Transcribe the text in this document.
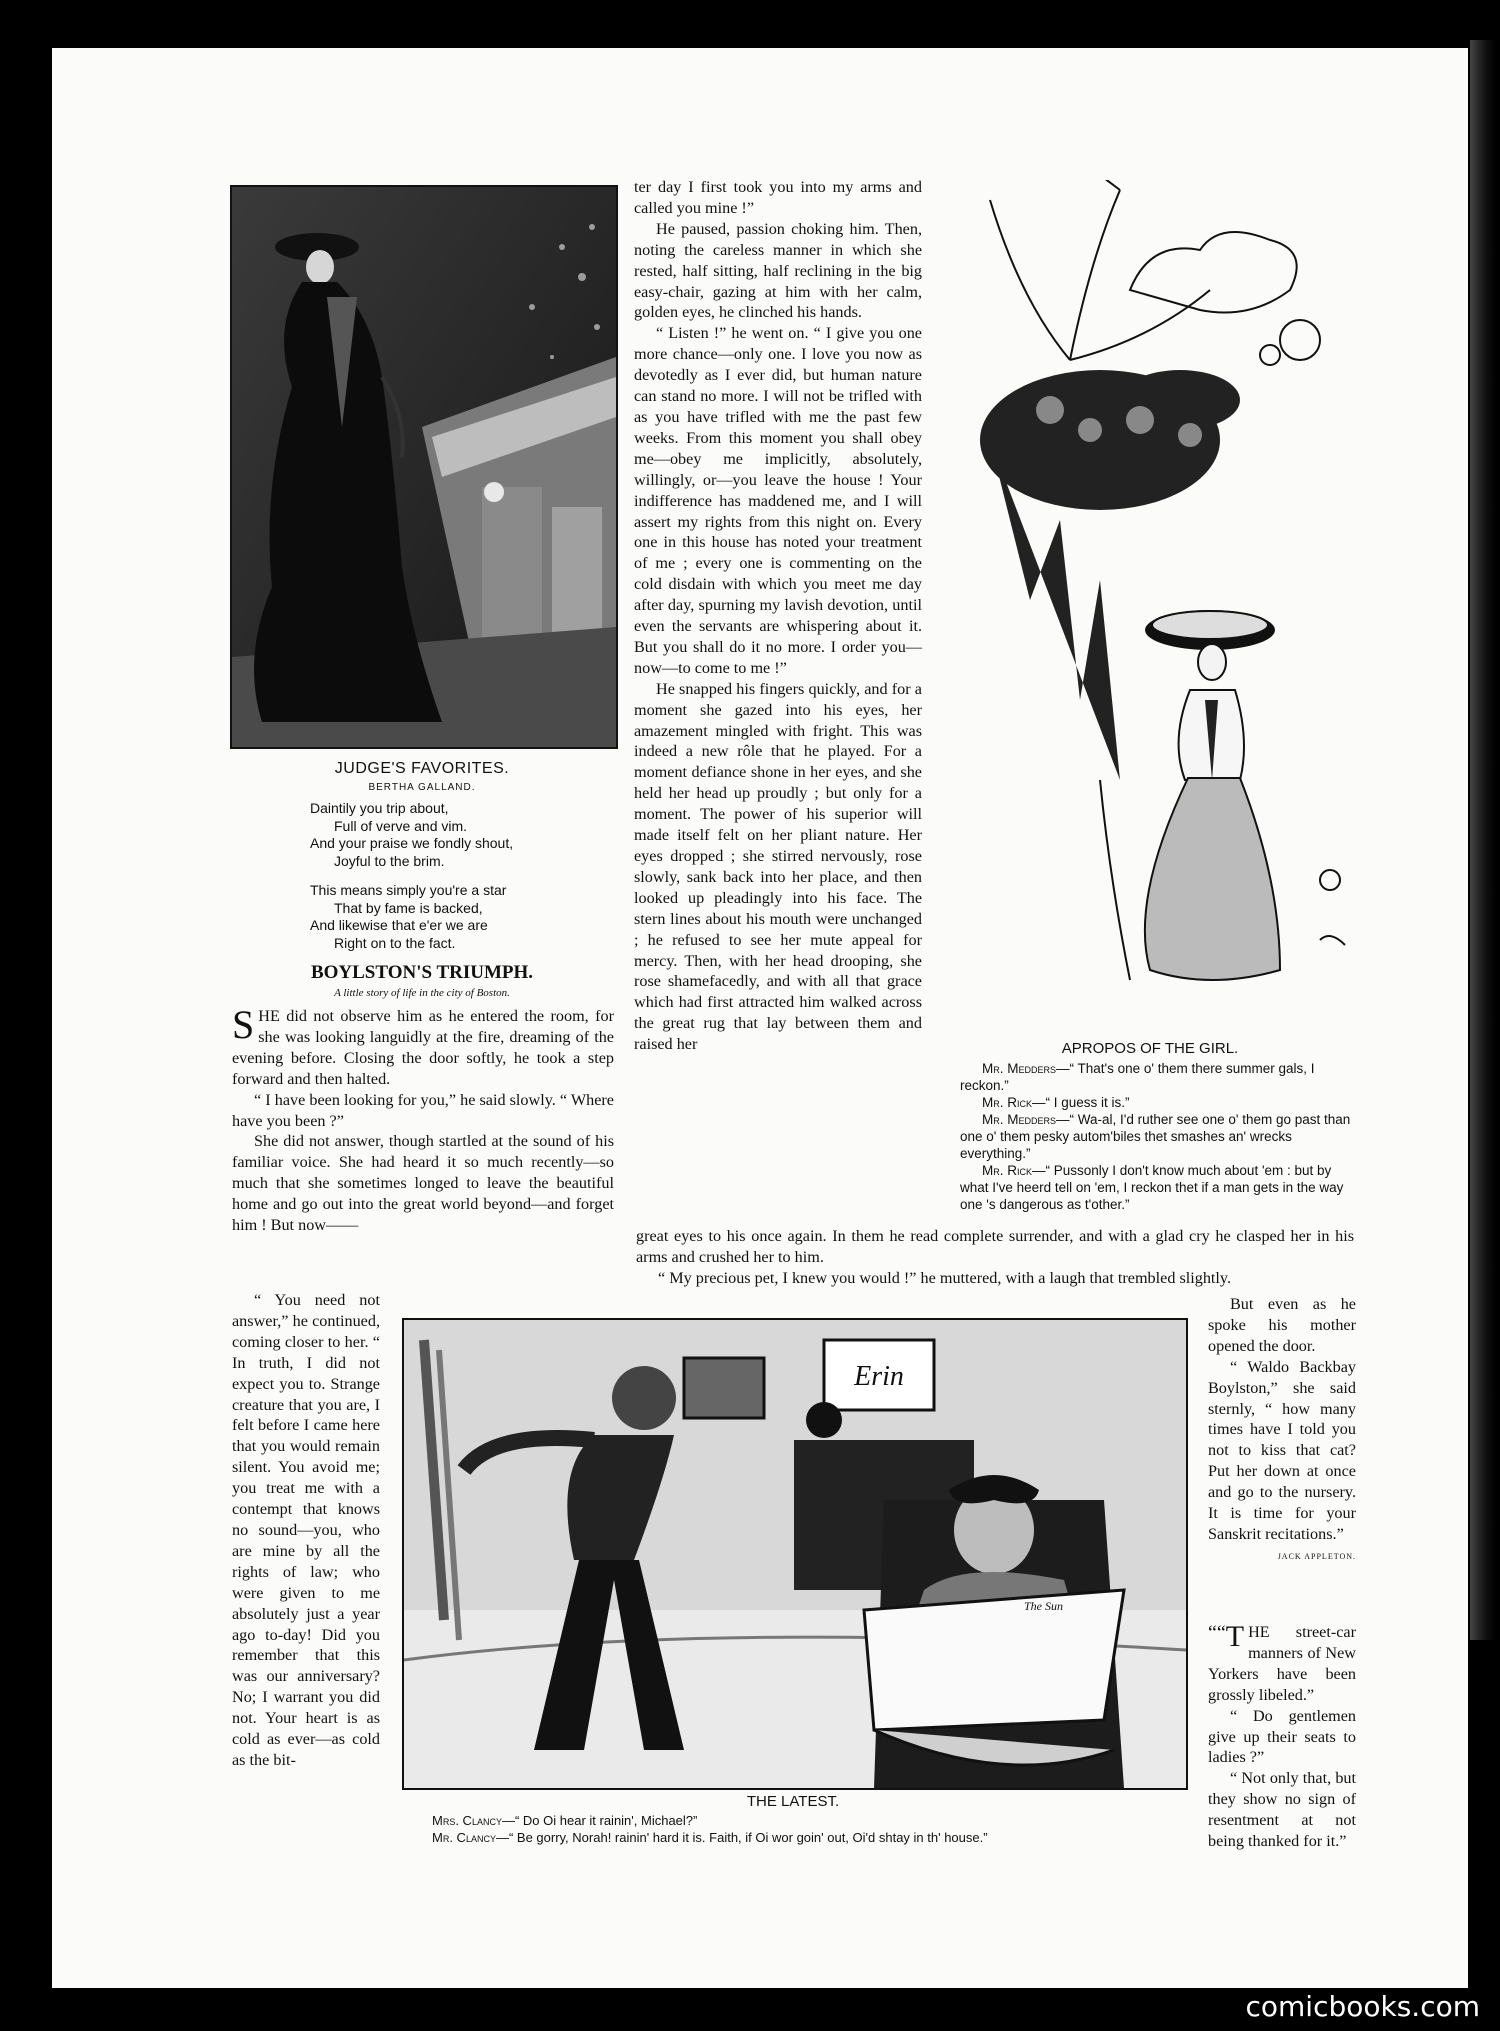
JUDGE'S FAVORITES.
BERTHA GALLAND.
Daintily you trip about,
Full of verve and vim.
And your praise we fondly shout,
Joyful to the brim.
This means simply you're a star
That by fame is backed,
And likewise that e'er we are
Right on to the fact.
BOYLSTON'S TRIUMPH.
A little story of life in the city of Boston.

SHE did not observe him as he entered the room, for she was looking languidly at the fire, dreaming of the evening before. Closing the door softly, he took a step forward and then halted.

“ I have been looking for you,” he said slowly. “ Where have you been ?”

She did not answer, though startled at the sound of his familiar voice. She had heard it so much recently—so much that she sometimes longed to leave the beautiful home and go out into the great world beyond—and forget him ! But now——

“ You need not answer,” he continued, coming closer to her. “ In truth, I did not expect you to. Strange creature that you are, I felt before I came here that you would remain silent. You avoid me; you treat me with a contempt that knows no sound—you, who are mine by all the rights of law; who were given to me absolutely just a year ago to-day! Did you remember that this was our anniversary? No; I warrant you did not. Your heart is as cold as ever—as cold as the bit-

ter day I first took you into my arms and called you mine !”

He paused, passion choking him. Then, noting the careless manner in which she rested, half sitting, half reclining in the big easy-chair, gazing at him with her calm, golden eyes, he clinched his hands.

“ Listen !” he went on. “ I give you one more chance—only one. I love you now as devotedly as I ever did, but human nature can stand no more. I will not be trifled with as you have trifled with me the past few weeks. From this moment you shall obey me—obey me implicitly, absolutely, willingly, or—you leave the house ! Your indifference has maddened me, and I will assert my rights from this night on. Every one in this house has noted your treatment of me ; every one is commenting on the cold disdain with which you meet me day after day, spurning my lavish devotion, until even the servants are whispering about it. But you shall do it no more. I order you—now—to come to me !”

He snapped his fingers quickly, and for a moment she gazed into his eyes, her amazement mingled with fright. This was indeed a new rôle that he played. For a moment defiance shone in her eyes, and she held her head up proudly ; but only for a moment. The power of his superior will made itself felt on her pliant nature. Her eyes dropped ; she stirred nervously, rose slowly, sank back into her place, and then looked up pleadingly into his face. The stern lines about his mouth were unchanged ; he refused to see her mute appeal for mercy. Then, with her head drooping, she rose shamefacedly, and with all that grace which had first attracted him walked across the great rug that lay between them and raised her

great eyes to his once again. In them he read complete surrender, and with a glad cry he clasped her in his arms and crushed her to him.

“ My precious pet, I knew you would !” he muttered, with a laugh that trembled slightly.

APROPOS OF THE GIRL.

Mr. Medders—“ That's one o' them there summer gals, I reckon.”

Mr. Rick—“ I guess it is.”

Mr. Medders—“ Wa-al, I'd ruther see one o' them go past than one o' them pesky autom'biles thet smashes an' wrecks everything.”

Mr. Rick—“ Pussonly I don't know much about 'em : but by what I've heerd tell on 'em, I reckon thet if a man gets in the way one 's dangerous as t'other.”

Erin
The Sun
THE LATEST.

Mrs. Clancy—“ Do Oi hear it rainin', Michael?”

Mr. Clancy—“ Be gorry, Norah! rainin' hard it is. Faith, if Oi wor goin' out, Oi'd shtay in th' house.”

But even as he spoke his mother opened the door.

“ Waldo Backbay Boylston,” she said sternly, “ how many times have I told you not to kiss that cat? Put her down at once and go to the nursery. It is time for your Sanskrit recitations.”

JACK APPLETON.

““ T HE street-car manners of New Yorkers have been grossly libeled.”

“ Do gentlemen give up their seats to ladies ?”

“ Not only that, but they show no sign of resentment at not being thanked for it.”

comicbooks.com
